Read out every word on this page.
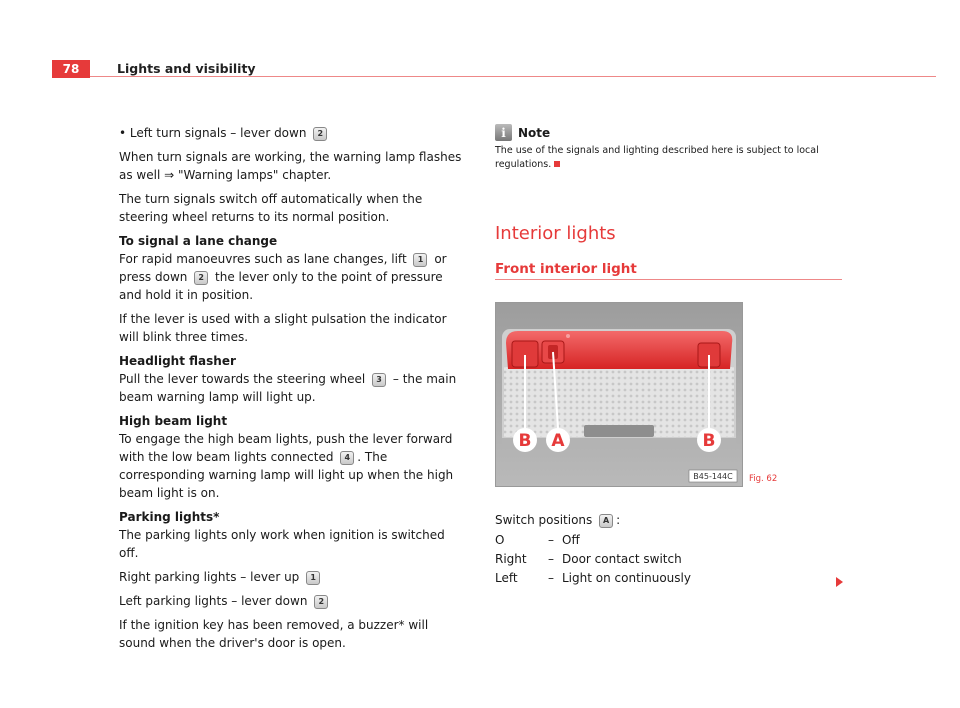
78	Lights and visibility

• Left turn signals – lever down 2

When turn signals are working, the warning lamp flashes as well ⇒ "Warning lamps" chapter.

The turn signals switch off automatically when the steering wheel returns to its normal position.

To signal a lane change

For rapid manoeuvres such as lane changes, lift 1 or press down 2 the lever only to the point of pressure and hold it in position.

If the lever is used with a slight pulsation the indicator will blink three times.

Headlight flasher

Pull the lever towards the steering wheel 3 – the main beam warning lamp will light up.

High beam light

To engage the high beam lights, push the lever forward with the low beam lights connected 4 . The corresponding warning lamp will light up when the high beam light is on.

Parking lights*

The parking lights only work when ignition is switched off.

Right parking lights – lever up 1

Left parking lights – lever down 2

If the ignition key has been removed, a buzzer* will sound when the driver's door is open.

i	Note
The use of the signals and lighting described here is subject to local regulations.
Interior lights
Front interior light
B A	B
B45-144C Fig. 62
Switch positions A :
O	– Off
Right	– Door contact switch
Left	– Light on continuously
